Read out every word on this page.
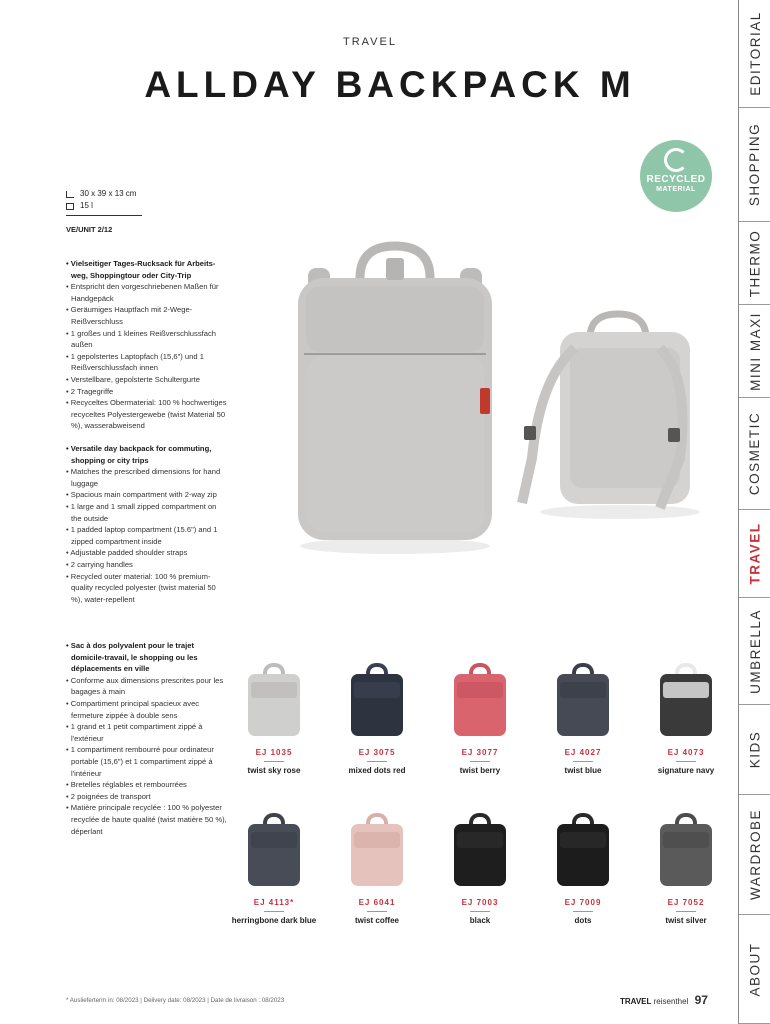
TRAVEL
ALLDAY BACKPACK M
RECYCLED
MATERIAL
30 x 39 x 13 cm
15 l
VE/UNIT 2/12
• Vielseitiger Tages-Rucksack für Arbeitsweg, Shoppingtour oder City-Trip
• Entspricht den vorgeschriebenen Maßen für Handgepäck
• Geräumiges Hauptfach mit 2-Wege-Reißverschluss
• 1 großes und 1 kleines Reißverschlussfach außen
• 1 gepolstertes Laptopfach (15,6") und 1 Reißverschlussfach innen
• Verstellbare, gepolsterte Schultergurte
• 2 Tragegriffe
• Recyceltes Obermaterial: 100 % hochwertiges recyceltes Polyestergewebe (twist Material 50 %), wasserabweisend
• Versatile day backpack for commuting, shopping or city trips
• Matches the prescribed dimensions for hand luggage
• Spacious main compartment with 2-way zip
• 1 large and 1 small zipped compartment on the outside
• 1 padded laptop compartment (15.6") and 1 zipped compartment inside
• Adjustable padded shoulder straps
• 2 carrying handles
• Recycled outer material: 100 % premium-quality recycled polyester (twist material 50 %), water-repellent
• Sac à dos polyvalent pour le trajet domicile-travail, le shopping ou les déplacements en ville
• Conforme aux dimensions prescrites pour les bagages à main
• Compartiment principal spacieux avec fermeture zippée à double sens
• 1 grand et 1 petit compartiment zippé à l'extérieur
• 1 compartiment rembourré pour ordinateur portable (15,6") et 1 compartiment zippé à l'intérieur
• Bretelles réglables et rembourrées
• 2 poignées de transport
• Matière principale recyclée : 100 % polyester recyclée de haute qualité (twist matière 50 %), déperlant
EJ 1035
twist sky rose
EJ 3075
mixed dots red
EJ 3077
twist berry
EJ 4027
twist blue
EJ 4073
signature navy
EJ 4113*
herringbone dark blue
EJ 6041
twist coffee
EJ 7003
black
EJ 7009
dots
EJ 7052
twist silver
* Auslieferterm in: 08/2023 | Delivery date: 08/2023 | Date de livraison : 08/2023	TRAVEL reisenthel 97
EDITORIAL
SHOPPING
THERMO
MINI MAXI
COSMETIC
TRAVEL
UMBRELLA
KIDS
WARDROBE
ABOUT
